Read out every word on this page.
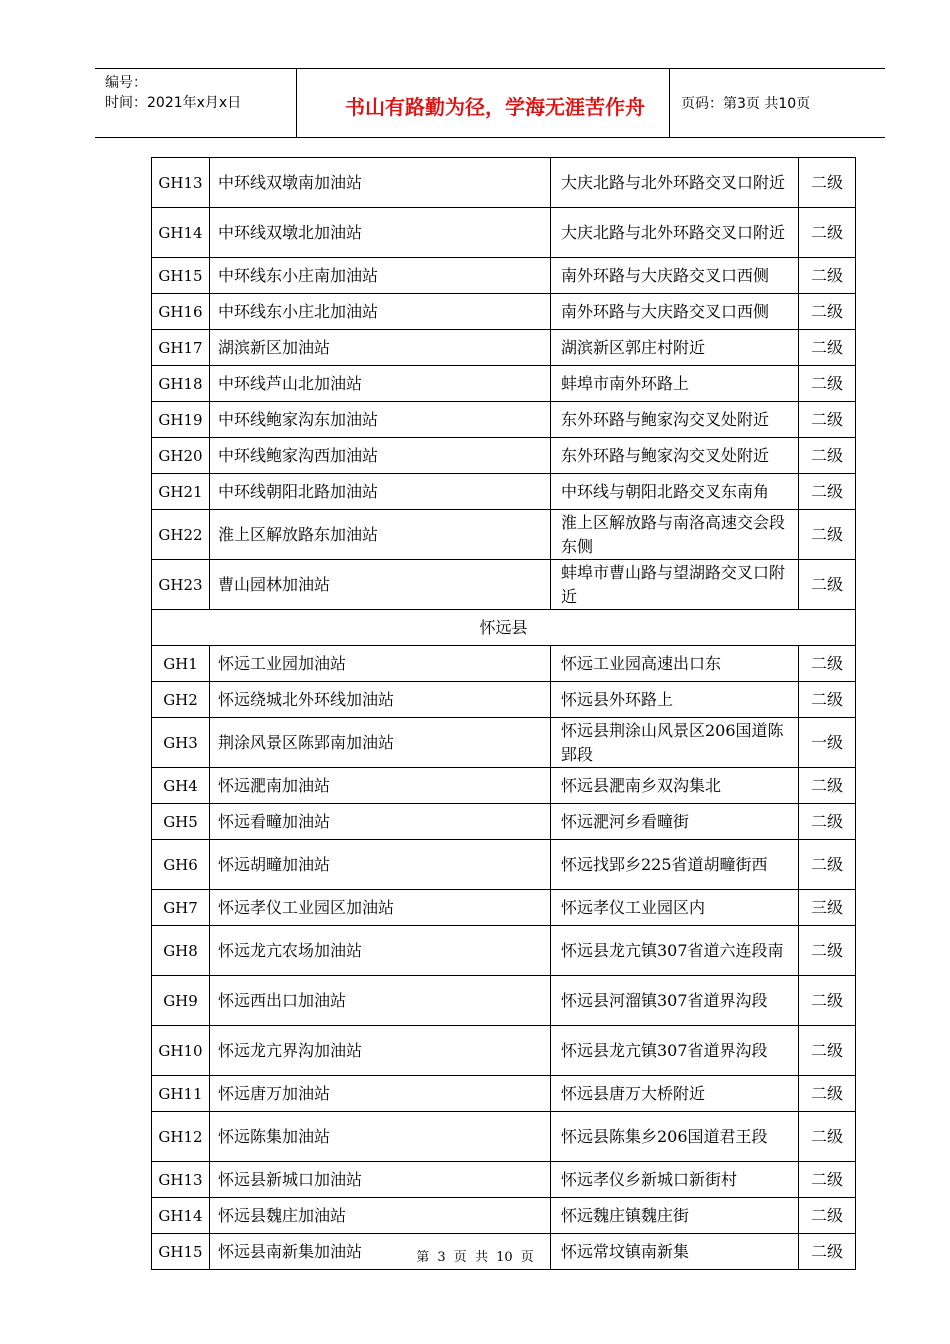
编号：
时间：2021年x月x日	书山有路勤为径，学海无涯苦作舟	页码：第3页 共10页
GH13	中环线双墩南加油站	大庆北路与北外环路交叉口附近	二级
GH14	中环线双墩北加油站	大庆北路与北外环路交叉口附近	二级
GH15	中环线东小庄南加油站	南外环路与大庆路交叉口西侧	二级
GH16	中环线东小庄北加油站	南外环路与大庆路交叉口西侧	二级
GH17	湖滨新区加油站	湖滨新区郭庄村附近	二级
GH18	中环线芦山北加油站	蚌埠市南外环路上	二级
GH19	中环线鲍家沟东加油站	东外环路与鲍家沟交叉处附近	二级
GH20	中环线鲍家沟西加油站	东外环路与鲍家沟交叉处附近	二级
GH21	中环线朝阳北路加油站	中环线与朝阳北路交叉东南角	二级
GH22	淮上区解放路东加油站	淮上区解放路与南洛高速交会段东侧	二级
GH23	曹山园林加油站	蚌埠市曹山路与望湖路交叉口附近	二级
怀远县			
GH1	怀远工业园加油站	怀远工业园高速出口东	二级
GH2	怀远绕城北外环线加油站	怀远县外环路上	二级
GH3	荆涂风景区陈郢南加油站	怀远县荆涂山风景区206国道陈郢段	一级
GH4	怀远淝南加油站	怀远县淝南乡双沟集北	二级
GH5	怀远看疃加油站	怀远淝河乡看疃街	二级
GH6	怀远胡疃加油站	怀远找郢乡225省道胡疃街西	二级
GH7	怀远孝仪工业园区加油站	怀远孝仪工业园区内	三级
GH8	怀远龙亢农场加油站	怀远县龙亢镇307省道六连段南	二级
GH9	怀远西出口加油站	怀远县河溜镇307省道界沟段	二级
GH10	怀远龙亢界沟加油站	怀远县龙亢镇307省道界沟段	二级
GH11	怀远唐万加油站	怀远县唐万大桥附近	二级
GH12	怀远陈集加油站	怀远县陈集乡206国道君王段	二级
GH13	怀远县新城口加油站	怀远孝仪乡新城口新街村	二级
GH14	怀远县魏庄加油站	怀远魏庄镇魏庄街	二级
GH15	怀远县南新集加油站	怀远常坟镇南新集	二级
第 3 页 共 10 页
